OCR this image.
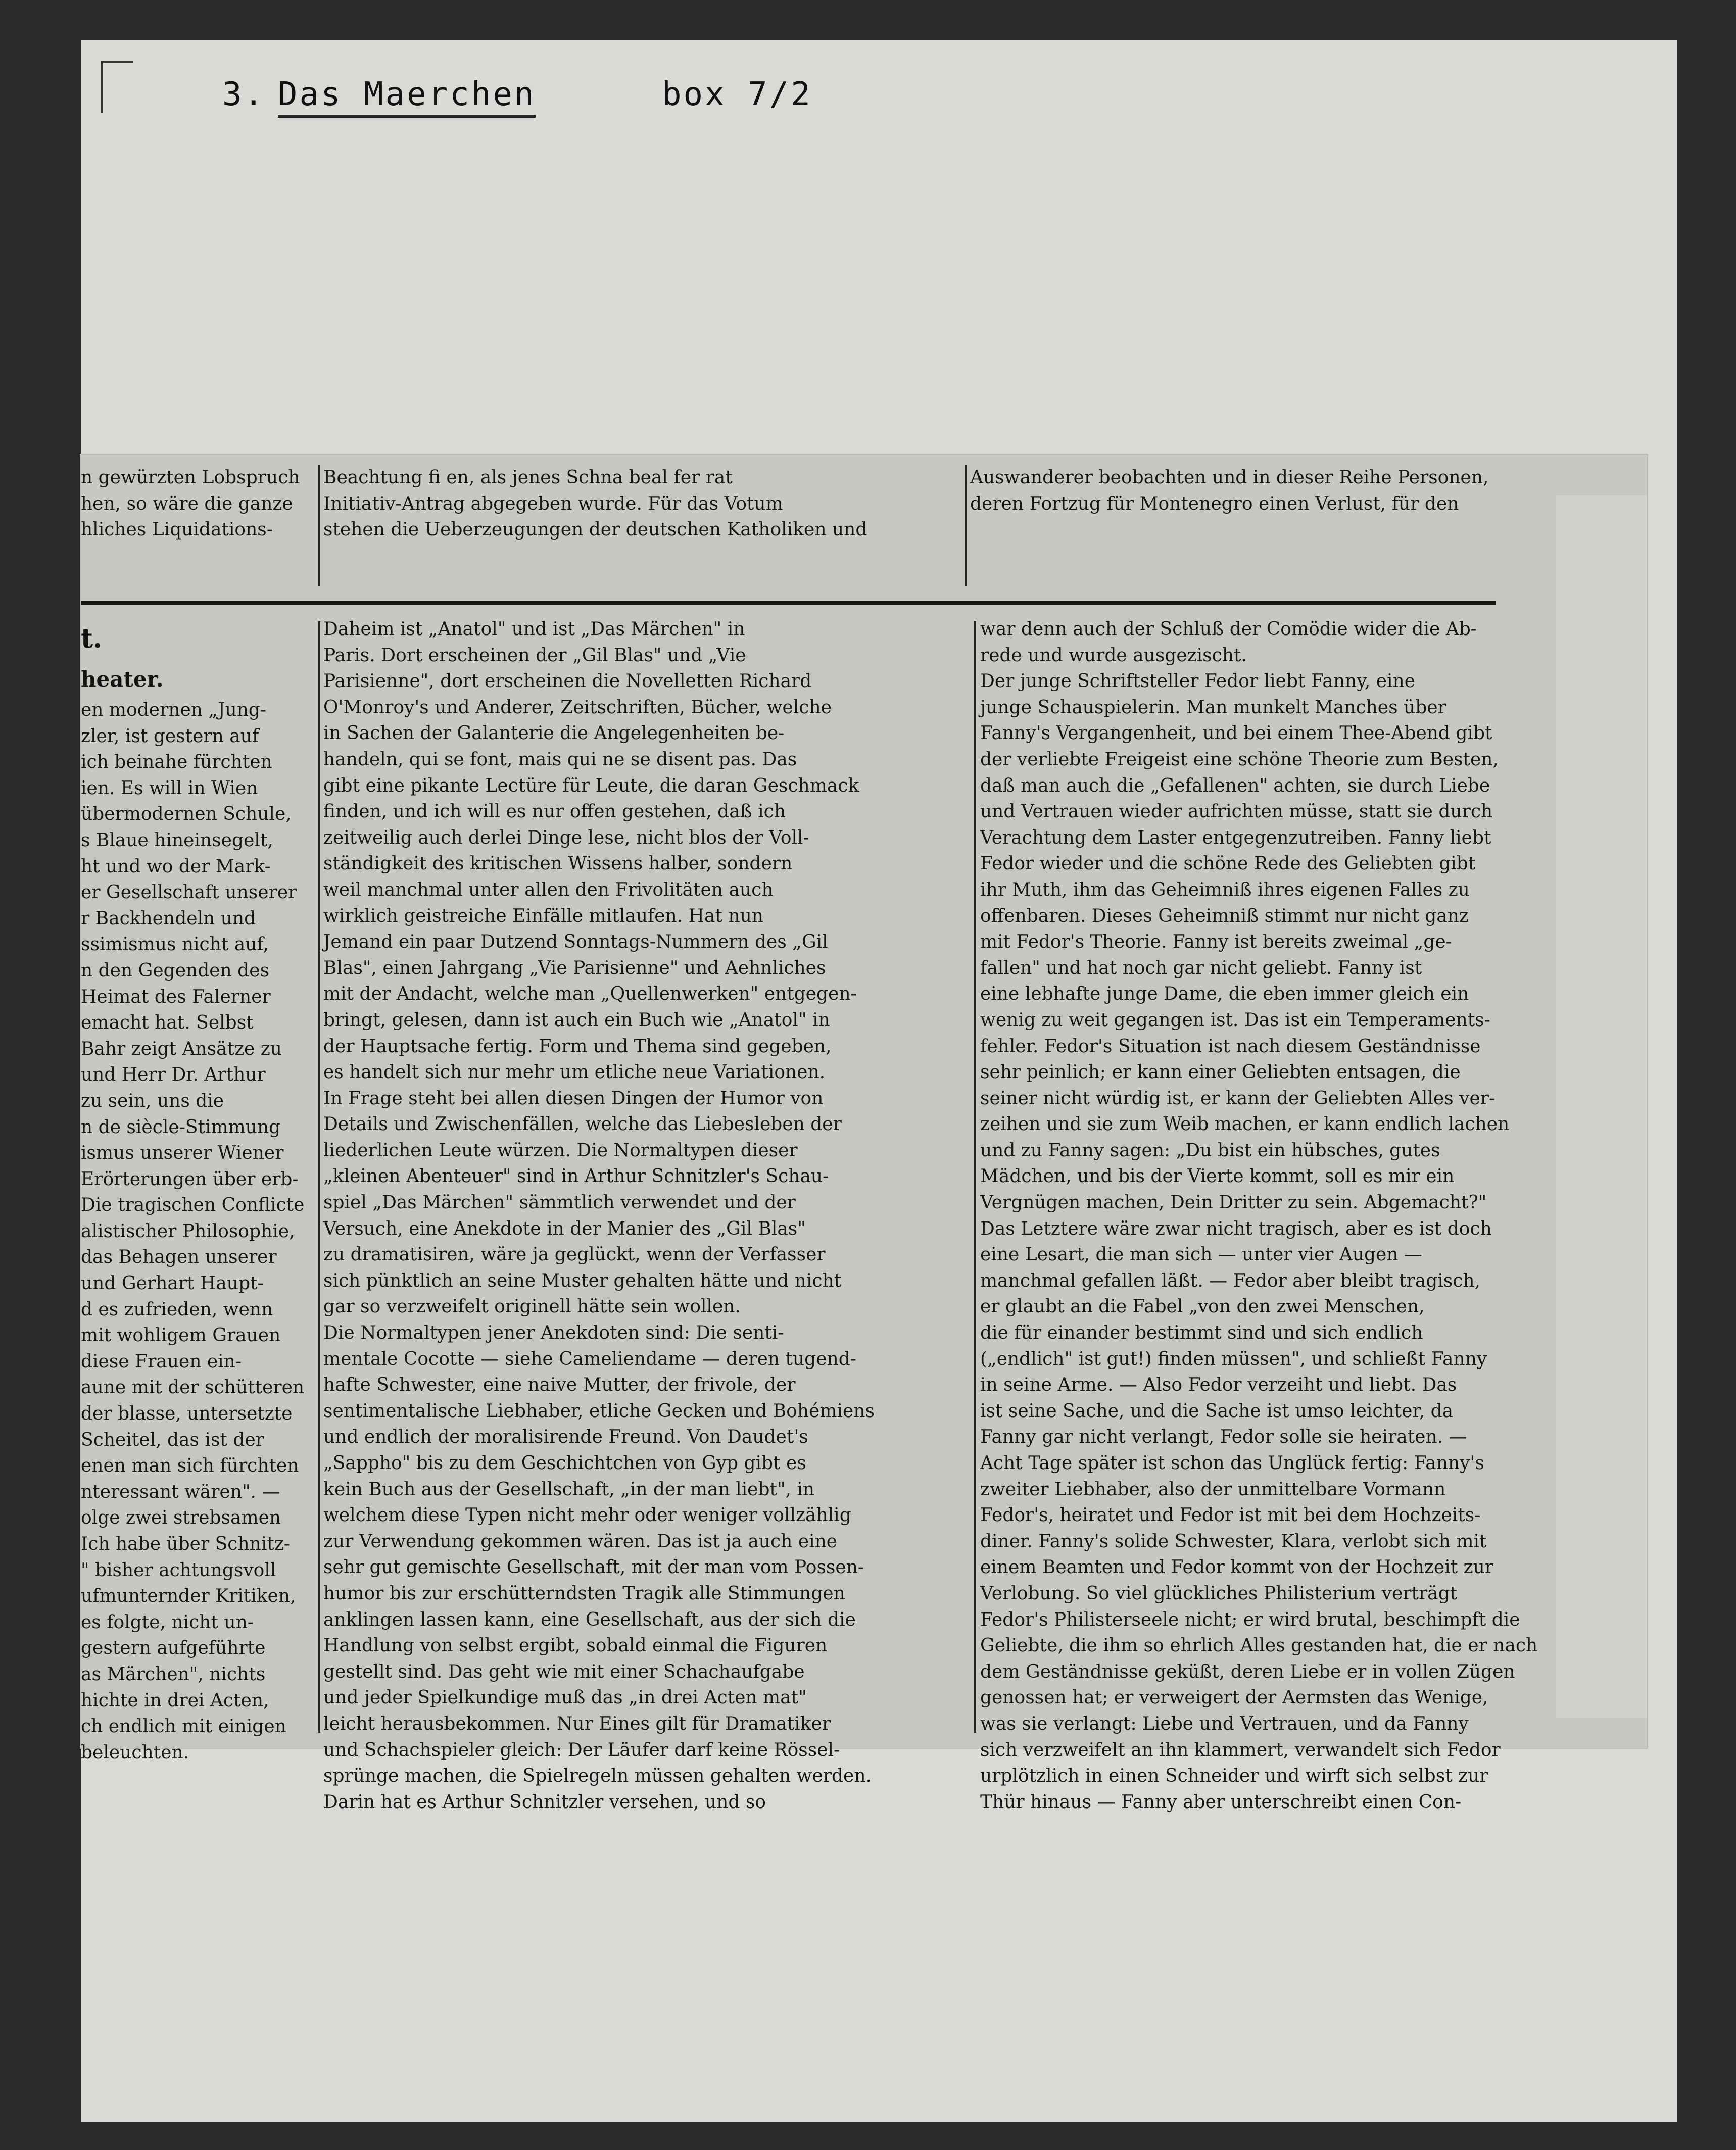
3. Das Maerchen	box 7/2
n gewürzten Lobspruch
hen, so wäre die ganze
hliches Liquidations-
Beachtung fi en, als jenes Schna beal fer rat
Initiativ-Antrag abgegeben wurde. Für das Votum
stehen die Ueberzeugungen der deutschen Katholiken und
Auswanderer beobachten und in dieser Reihe Personen,
deren Fortzug für Montenegro einen Verlust, für den
t.
heater.
en modernen „Jung-
zler, ist gestern auf
ich beinahe fürchten
ien. Es will in Wien
übermodernen Schule,
s Blaue hineinsegelt,
ht und wo der Mark-
er Gesellschaft unserer
r Backhendeln und
ssimismus nicht auf,
n den Gegenden des
Heimat des Falerner
emacht hat. Selbst
Bahr zeigt Ansätze zu
und Herr Dr. Arthur
zu sein, uns die
n de siècle-Stimmung
ismus unserer Wiener
Erörterungen über erb-
Die tragischen Conflicte
alistischer Philosophie,
das Behagen unserer
und Gerhart Haupt-
d es zufrieden, wenn
mit wohligem Grauen
diese Frauen ein-
aune mit der schütteren
der blasse, untersetzte
Scheitel, das ist der
enen man sich fürchten
nteressant wären". —
olge zwei strebsamen
Ich habe über Schnitz-
" bisher achtungsvoll
ufmunternder Kritiken,
es folgte, nicht un-
gestern aufgeführte
as Märchen", nichts
hichte in drei Acten,
ch endlich mit einigen
beleuchten.
Daheim ist „Anatol" und ist „Das Märchen" in
Paris. Dort erscheinen der „Gil Blas" und „Vie
Parisienne", dort erscheinen die Novelletten Richard
O'Monroy's und Anderer, Zeitschriften, Bücher, welche
in Sachen der Galanterie die Angelegenheiten be-
handeln, qui se font, mais qui ne se disent pas. Das
gibt eine pikante Lectüre für Leute, die daran Geschmack
finden, und ich will es nur offen gestehen, daß ich
zeitweilig auch derlei Dinge lese, nicht blos der Voll-
ständigkeit des kritischen Wissens halber, sondern
weil manchmal unter allen den Frivolitäten auch
wirklich geistreiche Einfälle mitlaufen. Hat nun
Jemand ein paar Dutzend Sonntags-Nummern des „Gil
Blas", einen Jahrgang „Vie Parisienne" und Aehnliches
mit der Andacht, welche man „Quellenwerken" entgegen-
bringt, gelesen, dann ist auch ein Buch wie „Anatol" in
der Hauptsache fertig. Form und Thema sind gegeben,
es handelt sich nur mehr um etliche neue Variationen.
In Frage steht bei allen diesen Dingen der Humor von
Details und Zwischenfällen, welche das Liebesleben der
liederlichen Leute würzen. Die Normaltypen dieser
„kleinen Abenteuer" sind in Arthur Schnitzler's Schau-
spiel „Das Märchen" sämmtlich verwendet und der
Versuch, eine Anekdote in der Manier des „Gil Blas"
zu dramatisiren, wäre ja geglückt, wenn der Verfasser
sich pünktlich an seine Muster gehalten hätte und nicht
gar so verzweifelt originell hätte sein wollen.
Die Normaltypen jener Anekdoten sind: Die senti-
mentale Cocotte — siehe Cameliendame — deren tugend-
hafte Schwester, eine naive Mutter, der frivole, der
sentimentalische Liebhaber, etliche Gecken und Bohémiens
und endlich der moralisirende Freund. Von Daudet's
„Sappho" bis zu dem Geschichtchen von Gyp gibt es
kein Buch aus der Gesellschaft, „in der man liebt", in
welchem diese Typen nicht mehr oder weniger vollzählig
zur Verwendung gekommen wären. Das ist ja auch eine
sehr gut gemischte Gesellschaft, mit der man vom Possen-
humor bis zur erschütterndsten Tragik alle Stimmungen
anklingen lassen kann, eine Gesellschaft, aus der sich die
Handlung von selbst ergibt, sobald einmal die Figuren
gestellt sind. Das geht wie mit einer Schachaufgabe
und jeder Spielkundige muß das „in drei Acten mat"
leicht herausbekommen. Nur Eines gilt für Dramatiker
und Schachspieler gleich: Der Läufer darf keine Rössel-
sprünge machen, die Spielregeln müssen gehalten werden.
Darin hat es Arthur Schnitzler versehen, und so
war denn auch der Schluß der Comödie wider die Ab-
rede und wurde ausgezischt.
Der junge Schriftsteller Fedor liebt Fanny, eine
junge Schauspielerin. Man munkelt Manches über
Fanny's Vergangenheit, und bei einem Thee-Abend gibt
der verliebte Freigeist eine schöne Theorie zum Besten,
daß man auch die „Gefallenen" achten, sie durch Liebe
und Vertrauen wieder aufrichten müsse, statt sie durch
Verachtung dem Laster entgegenzutreiben. Fanny liebt
Fedor wieder und die schöne Rede des Geliebten gibt
ihr Muth, ihm das Geheimniß ihres eigenen Falles zu
offenbaren. Dieses Geheimniß stimmt nur nicht ganz
mit Fedor's Theorie. Fanny ist bereits zweimal „ge-
fallen" und hat noch gar nicht geliebt. Fanny ist
eine lebhafte junge Dame, die eben immer gleich ein
wenig zu weit gegangen ist. Das ist ein Temperaments-
fehler. Fedor's Situation ist nach diesem Geständnisse
sehr peinlich; er kann einer Geliebten entsagen, die
seiner nicht würdig ist, er kann der Geliebten Alles ver-
zeihen und sie zum Weib machen, er kann endlich lachen
und zu Fanny sagen: „Du bist ein hübsches, gutes
Mädchen, und bis der Vierte kommt, soll es mir ein
Vergnügen machen, Dein Dritter zu sein. Abgemacht?"
Das Letztere wäre zwar nicht tragisch, aber es ist doch
eine Lesart, die man sich — unter vier Augen —
manchmal gefallen läßt. — Fedor aber bleibt tragisch,
er glaubt an die Fabel „von den zwei Menschen,
die für einander bestimmt sind und sich endlich
(„endlich" ist gut!) finden müssen", und schließt Fanny
in seine Arme. — Also Fedor verzeiht und liebt. Das
ist seine Sache, und die Sache ist umso leichter, da
Fanny gar nicht verlangt, Fedor solle sie heiraten. —
Acht Tage später ist schon das Unglück fertig: Fanny's
zweiter Liebhaber, also der unmittelbare Vormann
Fedor's, heiratet und Fedor ist mit bei dem Hochzeits-
diner. Fanny's solide Schwester, Klara, verlobt sich mit
einem Beamten und Fedor kommt von der Hochzeit zur
Verlobung. So viel glückliches Philisterium verträgt
Fedor's Philisterseele nicht; er wird brutal, beschimpft die
Geliebte, die ihm so ehrlich Alles gestanden hat, die er nach
dem Geständnisse geküßt, deren Liebe er in vollen Zügen
genossen hat; er verweigert der Aermsten das Wenige,
was sie verlangt: Liebe und Vertrauen, und da Fanny
sich verzweifelt an ihn klammert, verwandelt sich Fedor
urplötzlich in einen Schneider und wirft sich selbst zur
Thür hinaus — Fanny aber unterschreibt einen Con-
